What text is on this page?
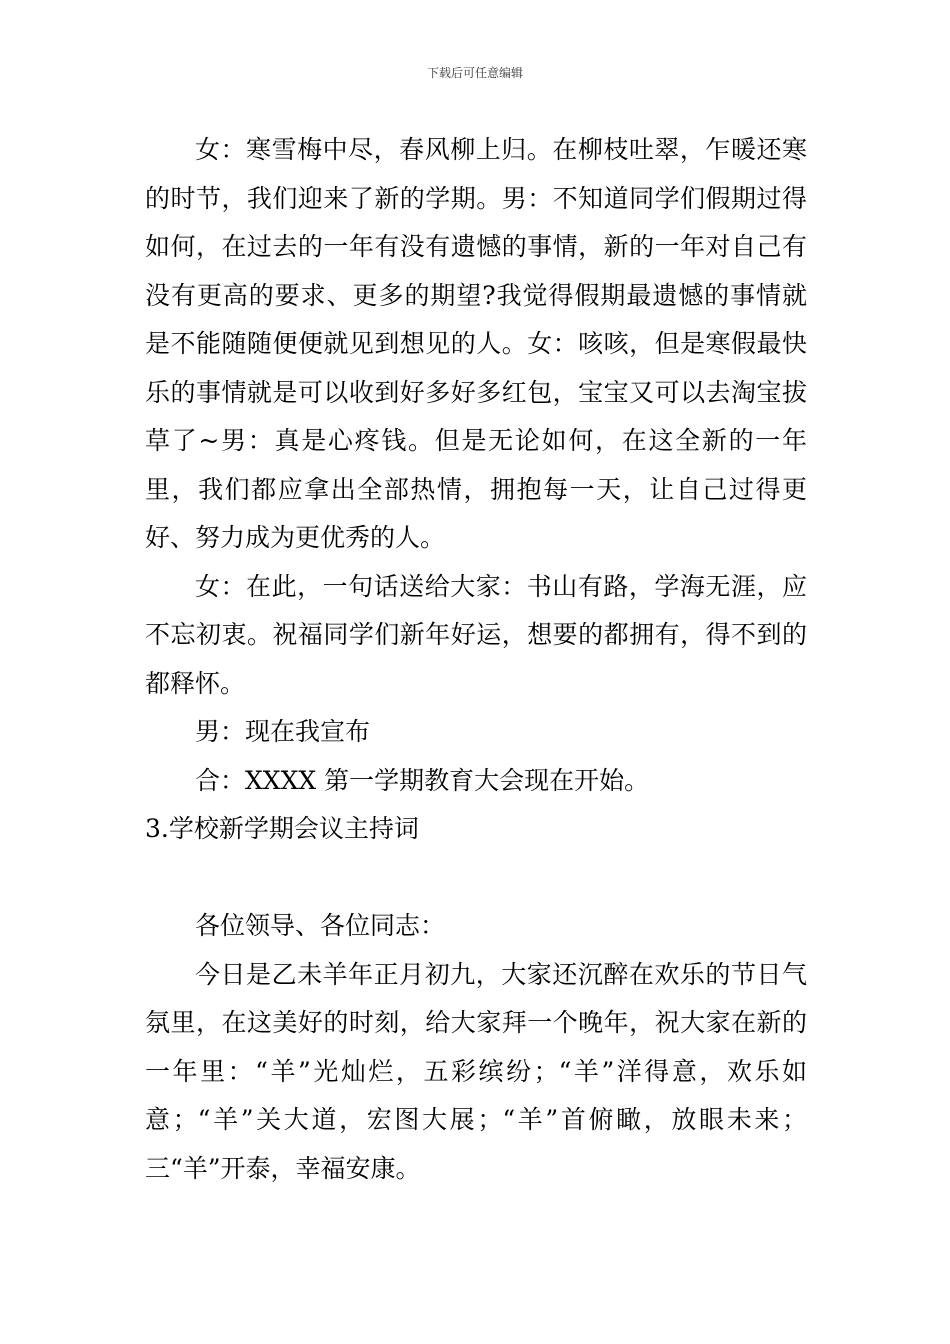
下载后可任意编辑

女：寒雪梅中尽，春风柳上归。在柳枝吐翠，乍暖还寒的时节，我们迎来了新的学期。男：不知道同学们假期过得如何，在过去的一年有没有遗憾的事情，新的一年对自己有没有更高的要求、更多的期望?我觉得假期最遗憾的事情就是不能随随便便就见到想见的人。女：咳咳，但是寒假最快乐的事情就是可以收到好多好多红包，宝宝又可以去淘宝拔草了~男：真是心疼钱。但是无论如何，在这全新的一年里，我们都应拿出全部热情，拥抱每一天，让自己过得更好、努力成为更优秀的人。

女：在此，一句话送给大家：书山有路，学海无涯，应不忘初衷。祝福同学们新年好运，想要的都拥有，得不到的都释怀。

男：现在我宣布

合：XXXX 第一学期教育大会现在开始。

3.学校新学期会议主持词

各位领导、各位同志：

今日是乙未羊年正月初九，大家还沉醉在欢乐的节日气氛里，在这美好的时刻，给大家拜一个晚年，祝大家在新的一年里：“羊”光灿烂，五彩缤纷；“羊”洋得意，欢乐如意；“羊”关大道，宏图大展；“羊”首俯瞰，放眼未来；三“羊”开泰，幸福安康。
